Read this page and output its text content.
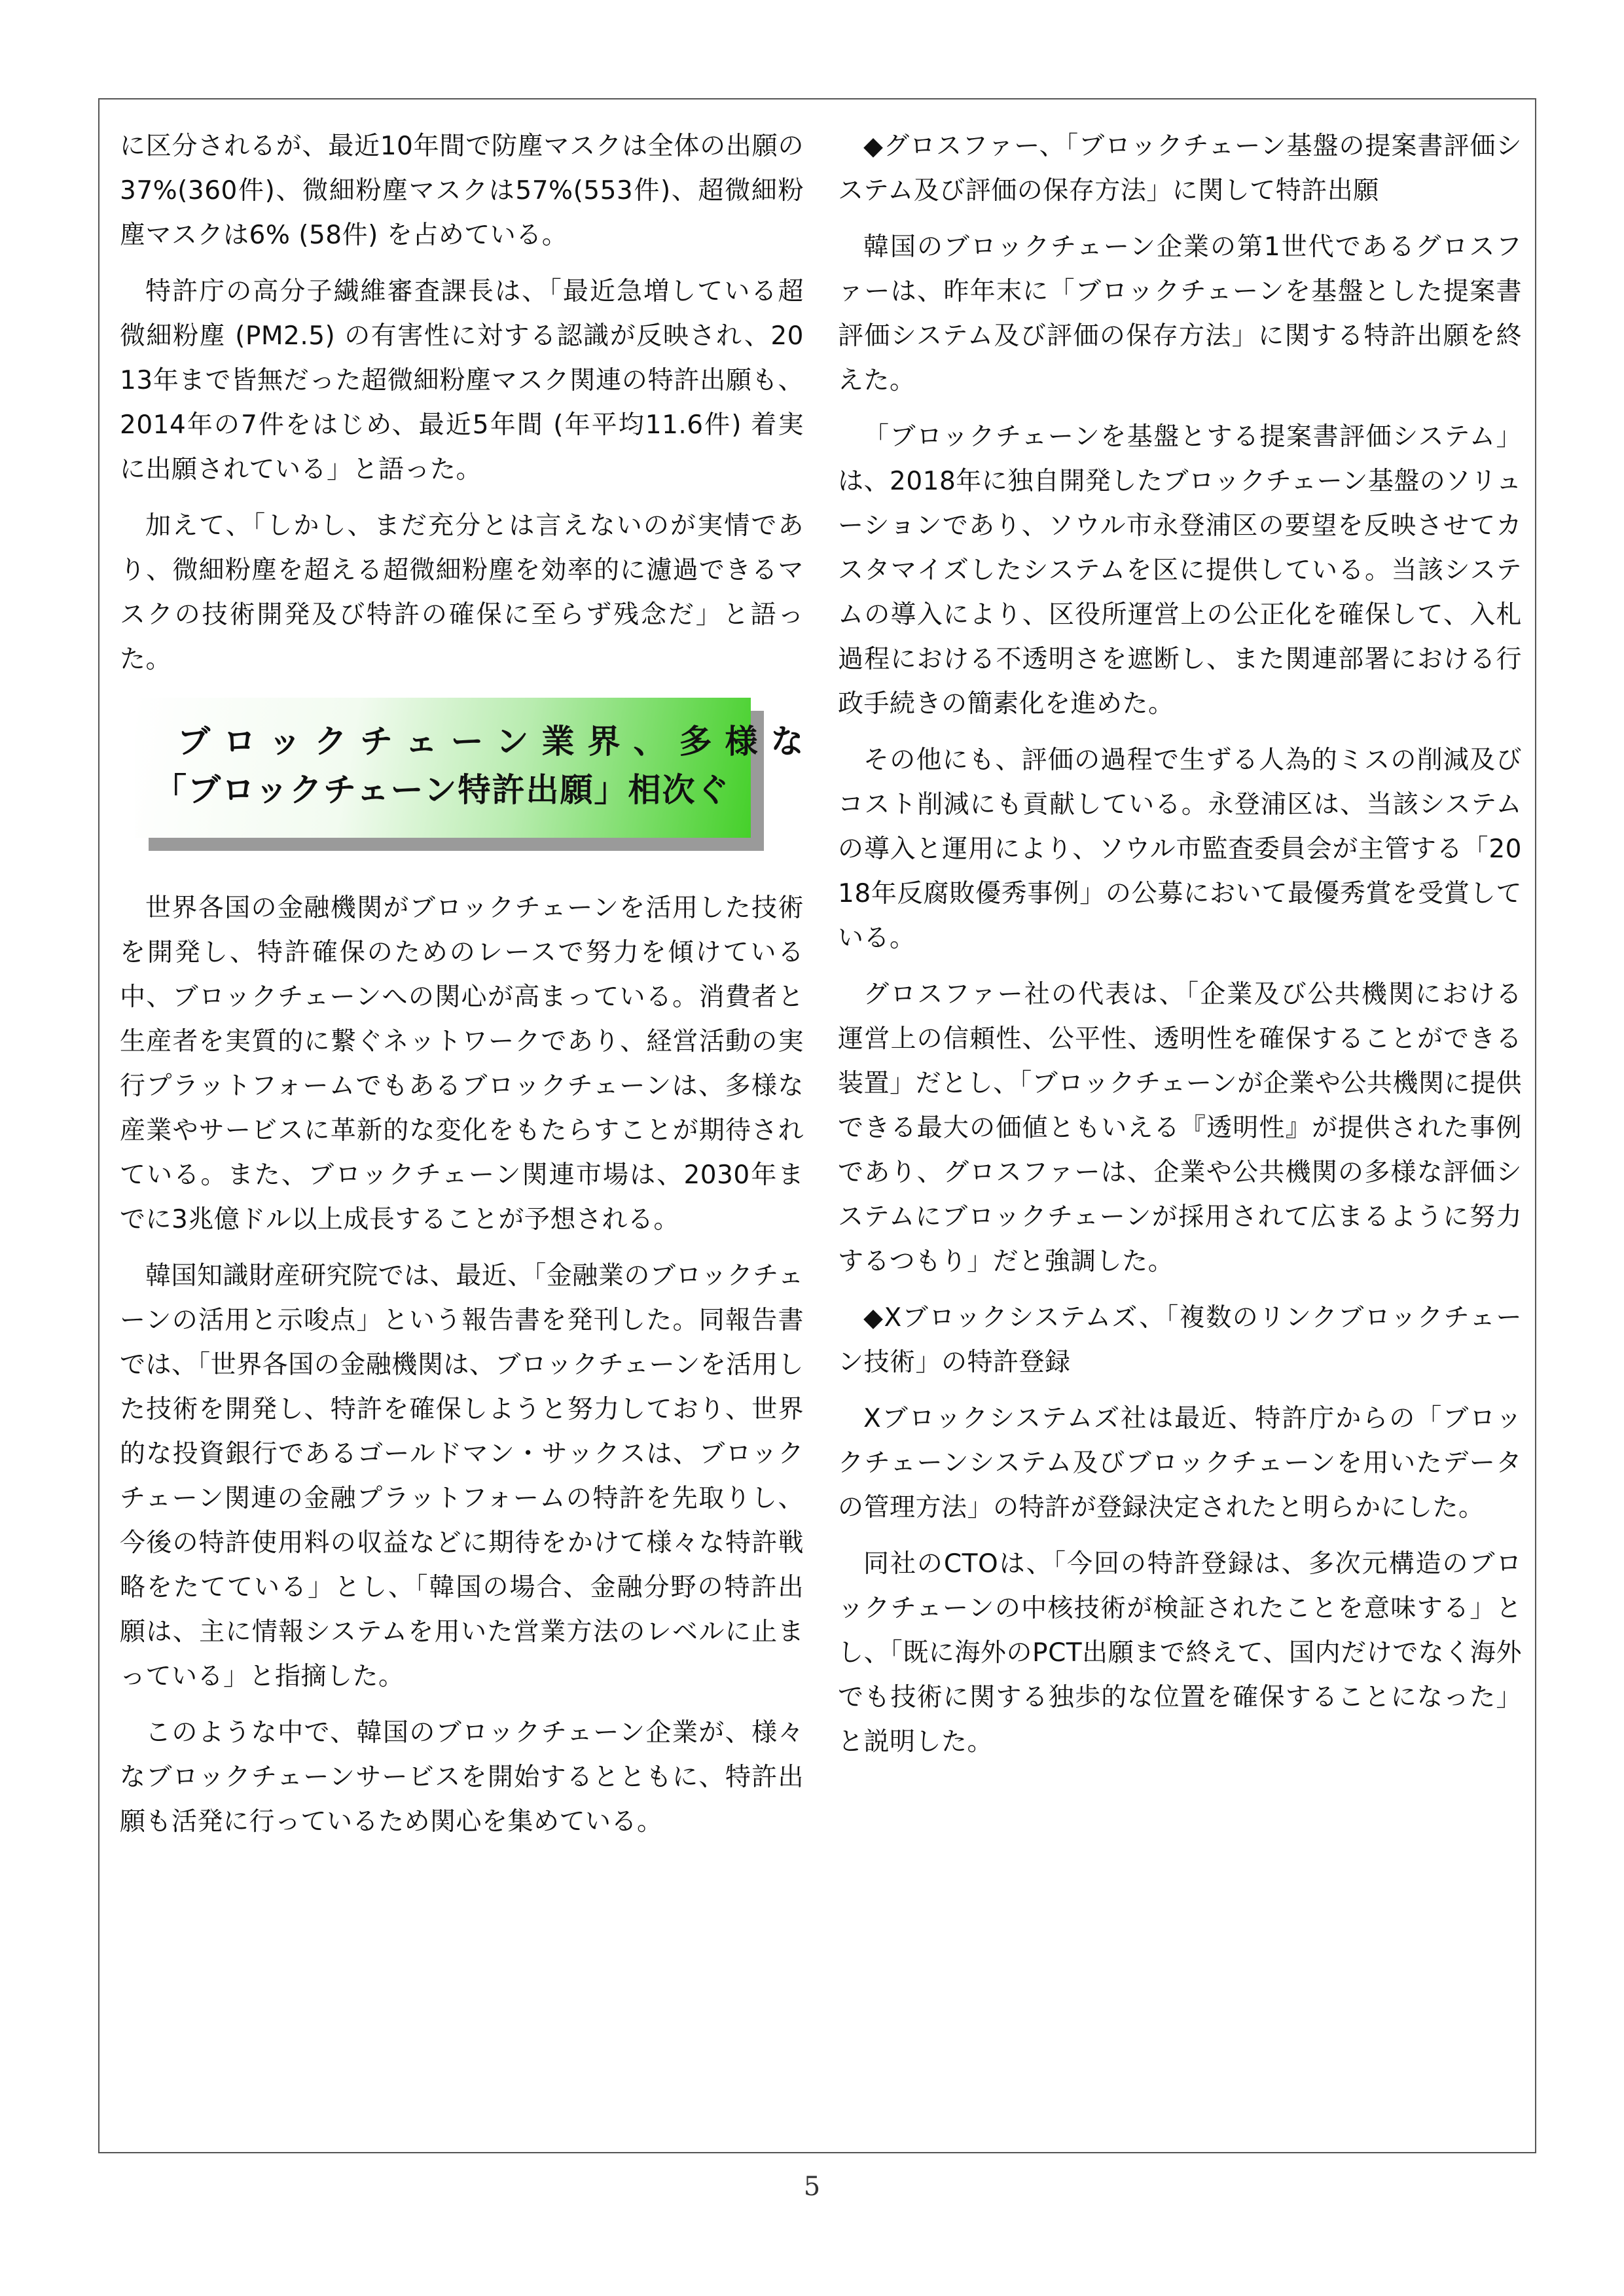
に区分されるが、最近10年間で防塵マスクは全体の出願の37%(360件)、微細粉塵マスクは57%(553件)、超微細粉塵マスクは6% (58件) を占めている。

特許庁の高分子繊維審査課長は、「最近急増している超微細粉塵 (PM2.5) の有害性に対する認識が反映され、2013年まで皆無だった超微細粉塵マスク関連の特許出願も、2014年の7件をはじめ、最近5年間 (年平均11.6件) 着実に出願されている」と語った。

加えて、「しかし、まだ充分とは言えないのが実情であり、微細粉塵を超える超微細粉塵を効率的に濾過できるマスクの技術開発及び特許の確保に至らず残念だ」と語った。

ブロックチェーン業界、多様な
「ブロックチェーン特許出願」相次ぐ

世界各国の金融機関がブロックチェーンを活用した技術を開発し、特許確保のためのレースで努力を傾けている中、ブロックチェーンへの関心が高まっている。消費者と生産者を実質的に繋ぐネットワークであり、経営活動の実行プラットフォームでもあるブロックチェーンは、多様な産業やサービスに革新的な変化をもたらすことが期待されている。また、ブロックチェーン関連市場は、2030年までに3兆億ドル以上成長することが予想される。

韓国知識財産研究院では、最近、「金融業のブロックチェーンの活用と示唆点」という報告書を発刊した。同報告書では、「世界各国の金融機関は、ブロックチェーンを活用した技術を開発し、特許を確保しようと努力しており、世界的な投資銀行であるゴールドマン・サックスは、ブロックチェーン関連の金融プラットフォームの特許を先取りし、今後の特許使用料の収益などに期待をかけて様々な特許戦略をたてている」とし、「韓国の場合、金融分野の特許出願は、主に情報システムを用いた営業方法のレベルに止まっている」と指摘した。

このような中で、韓国のブロックチェーン企業が、様々なブロックチェーンサービスを開始するとともに、特許出願も活発に行っているため関心を集めている。

◆グロスファー、「ブロックチェーン基盤の提案書評価システム及び評価の保存方法」に関して特許出願

韓国のブロックチェーン企業の第1世代であるグロスファーは、昨年末に「ブロックチェーンを基盤とした提案書評価システム及び評価の保存方法」に関する特許出願を終えた。

「ブロックチェーンを基盤とする提案書評価システム」は、2018年に独自開発したブロックチェーン基盤のソリューションであり、ソウル市永登浦区の要望を反映させてカスタマイズしたシステムを区に提供している。当該システムの導入により、区役所運営上の公正化を確保して、入札過程における不透明さを遮断し、また関連部署における行政手続きの簡素化を進めた。

その他にも、評価の過程で生ずる人為的ミスの削減及びコスト削減にも貢献している。永登浦区は、当該システムの導入と運用により、ソウル市監査委員会が主管する「2018年反腐敗優秀事例」の公募において最優秀賞を受賞している。

グロスファー社の代表は、「企業及び公共機関における運営上の信頼性、公平性、透明性を確保することができる装置」だとし、「ブロックチェーンが企業や公共機関に提供できる最大の価値ともいえる『透明性』が提供された事例であり、グロスファーは、企業や公共機関の多様な評価システムにブロックチェーンが採用されて広まるように努力するつもり」だと強調した。

◆Xブロックシステムズ、「複数のリンクブロックチェーン技術」の特許登録

Xブロックシステムズ社は最近、特許庁からの「ブロックチェーンシステム及びブロックチェーンを用いたデータの管理方法」の特許が登録決定されたと明らかにした。

同社のCTOは、「今回の特許登録は、多次元構造のブロックチェーンの中核技術が検証されたことを意味する」とし、「既に海外のPCT出願まで終えて、国内だけでなく海外でも技術に関する独歩的な位置を確保することになった」と説明した。

5
